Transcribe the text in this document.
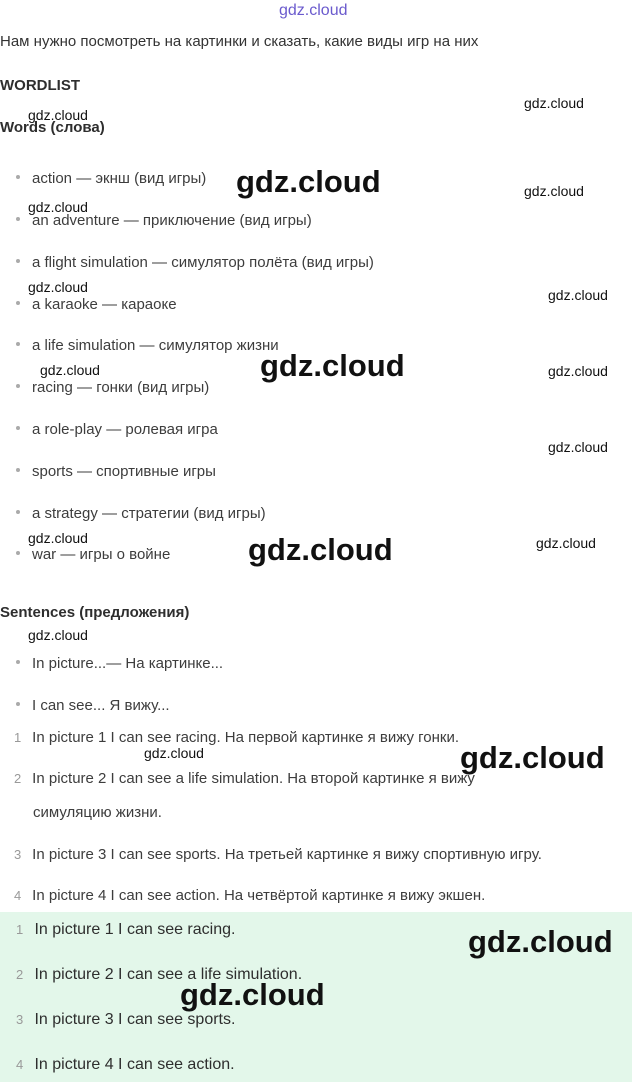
gdz.cloud
Нам нужно посмотреть на картинки и сказать, какие виды игр на них
WORDLIST
Words (слова)
action — экнш (вид игры)
an adventure — приключение (вид игры)
a flight simulation — симулятор полёта (вид игры)
a karaoke — караоке
a life simulation — симулятор жизни
racing — гонки (вид игры)
a role-play — ролевая игра
sports — спортивные игры
a strategy — стратегии (вид игры)
war — игры о войне
Sentences (предложения)
In picture...— На картинке...
I can see... Я вижу...
1 In picture 1 I can see racing. На первой картинке я вижу гонки.
2 In picture 2 I can see a life simulation. На второй картинке я вижу
симуляцию жизни.
3 In picture 3 I can see sports. На третьей картинке я вижу спортивную игру.
4 In picture 4 I can see action. На четвёртой картинке я вижу экшен.
1 In picture 1 I can see racing.
2 In picture 2 I can see a life simulation.
3 In picture 3 I can see sports.
4 In picture 4 I can see action.
gdz.cloud
gdz.cloud
gdz.cloud	gdz.cloud
gdz.cloud
gdz.cloud	gdz.cloud
gdz.cloud
gdz.cloud	gdz.cloud
gdz.cloud
gdz.cloud	gdz.cloud	gdz.cloud
gdz.cloud
gdz.cloud	gdz.cloud
gdz.cloud
gdz.cloud
